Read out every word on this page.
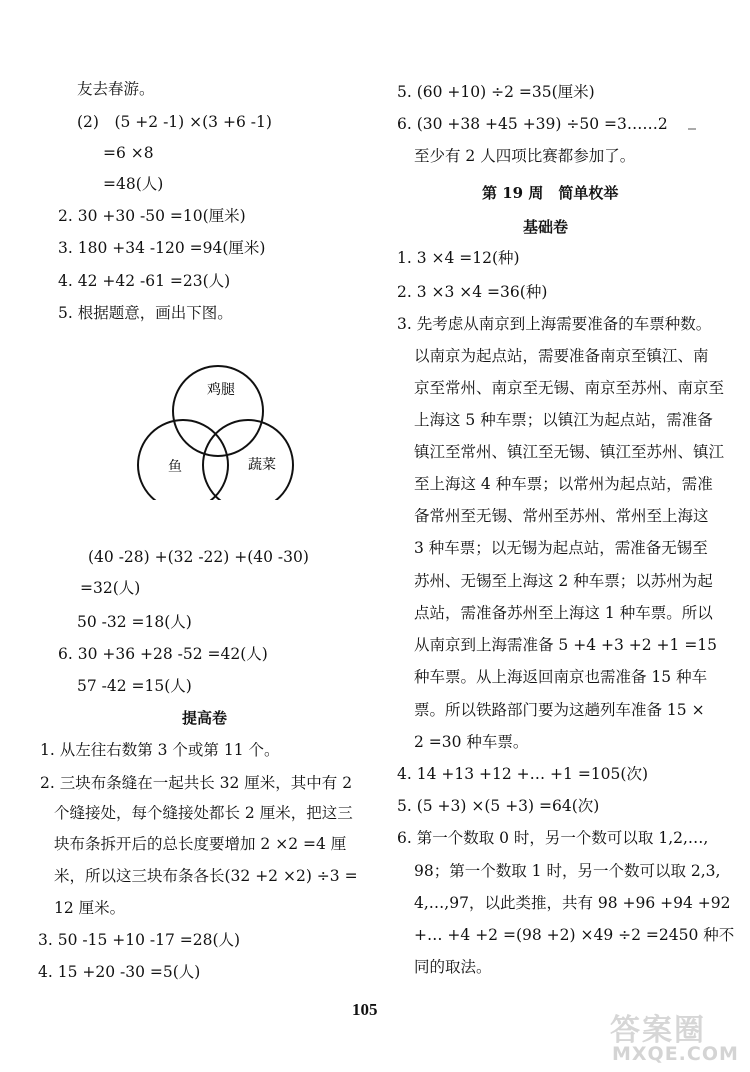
友去春游。
(2)　(5 +2 -1) ×(3 +6 -1)
=6 ×8
=48(人)
2. 30 +30 -50 =10(厘米)
3. 180 +34 -120 =94(厘米)
4. 42 +42 -61 =23(人)
5. 根据题意，画出下图。
鸡腿
鱼	蔬菜
(40 -28) +(32 -22) +(40 -30)
=32(人)
50 -32 =18(人)
6. 30 +36 +28 -52 =42(人)
57 -42 =15(人)
提高卷
1. 从左往右数第 3 个或第 11 个。
2. 三块布条缝在一起共长 32 厘米，其中有 2
个缝接处，每个缝接处都长 2 厘米，把这三
块布条拆开后的总长度要增加 2 ×2 =4 厘
米，所以这三块布条各长(32 +2 ×2) ÷3 =
12 厘米。
3. 50 -15 +10 -17 =28(人)
4. 15 +20 -30 =5(人)
5. (60 +10) ÷2 =35(厘米)
6. (30 +38 +45 +39) ÷50 =3……2
至少有 2 人四项比赛都参加了。
第 19 周　简单枚举
基础卷
1. 3 ×4 =12(种)
2. 3 ×3 ×4 =36(种)
3. 先考虑从南京到上海需要准备的车票种数。
以南京为起点站，需要准备南京至镇江、南
京至常州、南京至无锡、南京至苏州、南京至
上海这 5 种车票；以镇江为起点站，需准备
镇江至常州、镇江至无锡、镇江至苏州、镇江
至上海这 4 种车票；以常州为起点站，需准
备常州至无锡、常州至苏州、常州至上海这
3 种车票；以无锡为起点站，需准备无锡至
苏州、无锡至上海这 2 种车票；以苏州为起
点站，需准备苏州至上海这 1 种车票。所以
从南京到上海需准备 5 +4 +3 +2 +1 =15
种车票。从上海返回南京也需准备 15 种车
票。所以铁路部门要为这趟列车准备 15 ×
2 =30 种车票。
4. 14 +13 +12 +… +1 =105(次)
5. (5 +3) ×(5 +3) =64(次)
6. 第一个数取 0 时，另一个数可以取 1,2,…,
98；第一个数取 1 时，另一个数可以取 2,3,
4,…,97，以此类推，共有 98 +96 +94 +92
+… +4 +2 =(98 +2) ×49 ÷2 =2450 种不
同的取法。
105
答案圈
MXQE.COM
